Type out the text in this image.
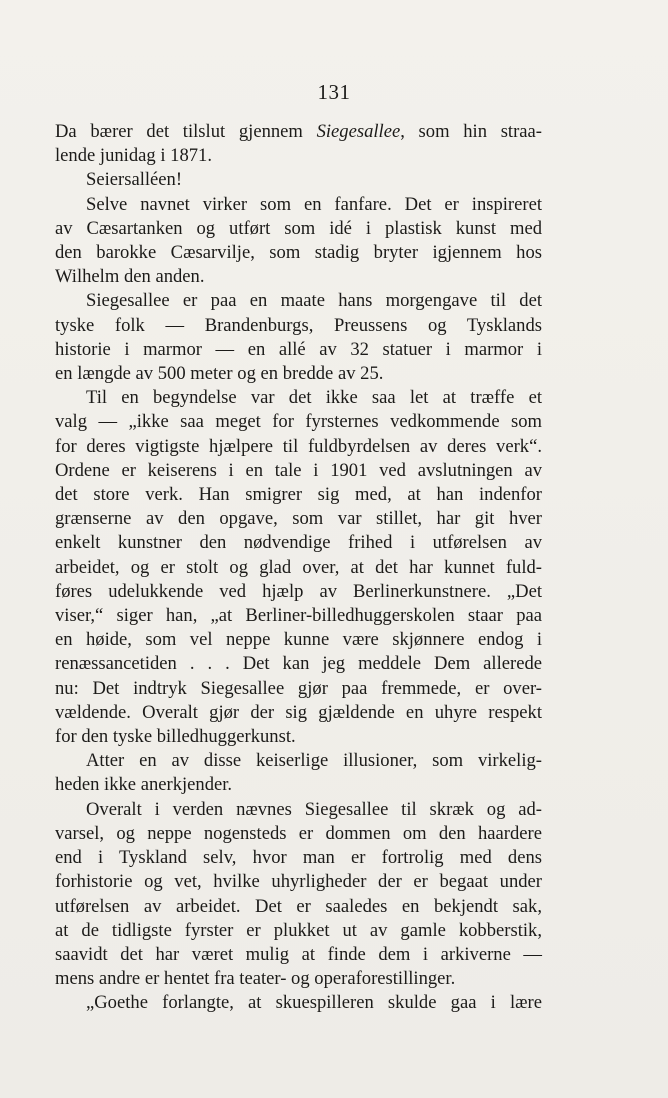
131

Da bærer det tilslut gjennem Siegesallee, som hin straa-
lende junidag i 1871.

Seiersalléen!

Selve navnet virker som en fanfare. Det er inspireret
av Cæsartanken og utført som idé i plastisk kunst med
den barokke Cæsarvilje, som stadig bryter igjennem hos
Wilhelm den anden.

Siegesallee er paa en maate hans morgengave til det
tyske folk — Brandenburgs, Preussens og Tysklands
historie i marmor — en allé av 32 statuer i marmor i
en længde av 500 meter og en bredde av 25.

Til en begyndelse var det ikke saa let at træffe et
valg — „ikke saa meget for fyrsternes vedkommende som
for deres vigtigste hjælpere til fuldbyrdelsen av deres verk“.
Ordene er keiserens i en tale i 1901 ved avslutningen av
det store verk. Han smigrer sig med, at han indenfor
grænserne av den opgave, som var stillet, har git hver
enkelt kunstner den nødvendige frihed i utførelsen av
arbeidet, og er stolt og glad over, at det har kunnet fuld-
føres udelukkende ved hjælp av Berlinerkunstnere. „Det
viser,“ siger han, „at Berliner-billedhuggerskolen staar paa
en høide, som vel neppe kunne være skjønnere endog i
renæssancetiden . . . Det kan jeg meddele Dem allerede
nu: Det indtryk Siegesallee gjør paa fremmede, er over-
vældende. Overalt gjør der sig gjældende en uhyre respekt
for den tyske billedhuggerkunst.

Atter en av disse keiserlige illusioner, som virkelig-
heden ikke anerkjender.

Overalt i verden nævnes Siegesallee til skræk og ad-
varsel, og neppe nogensteds er dommen om den haardere
end i Tyskland selv, hvor man er fortrolig med dens
forhistorie og vet, hvilke uhyrligheder der er begaat under
utførelsen av arbeidet. Det er saaledes en bekjendt sak,
at de tidligste fyrster er plukket ut av gamle kobberstik,
saavidt det har været mulig at finde dem i arkiverne —
mens andre er hentet fra teater- og operaforestillinger.

„Goethe forlangte, at skuespilleren skulde gaa i lære
